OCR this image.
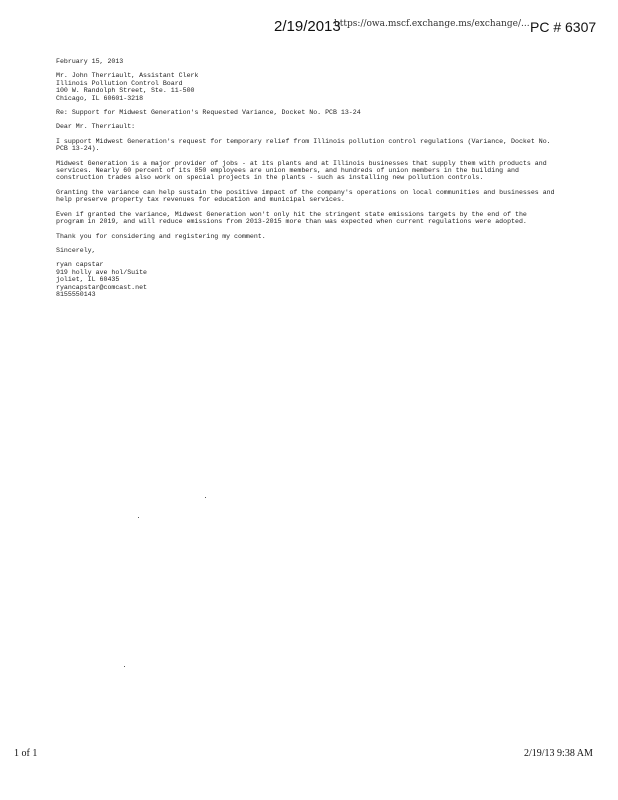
2/19/2013
https://owa.mscf.exchange.ms/exchange/... PC # 6307

February 15, 2013

Mr. John Therriault, Assistant Clerk
Illinois Pollution Control Board
100 W. Randolph Street, Ste. 11-500
Chicago, IL 60601-3218

Re: Support for Midwest Generation's Requested Variance, Docket No. PCB 13-24

Dear Mr. Therriault:

I support Midwest Generation's request for temporary relief from Illinois pollution control regulations (Variance, Docket No. PCB 13-24).

Midwest Generation is a major provider of jobs - at its plants and at Illinois businesses that supply them with products and services. Nearly 60 percent of its 850 employees are union members, and hundreds of union members in the building and construction trades also work on special projects in the plants - such as installing new pollution controls.

Granting the variance can help sustain the positive impact of the company's operations on local communities and businesses and help preserve property tax revenues for education and municipal services.

Even if granted the variance, Midwest Generation won't only hit the stringent state emissions targets by the end of the program in 2019, and will reduce emissions from 2013-2015 more than was expected when current regulations were adopted.

Thank you for considering and registering my comment.

Sincerely,

ryan capstar
919 holly ave hol/Suite
joliet, IL 60435
ryancapstar@comcast.net
8155550143

1 of 1	2/19/13 9:38 AM
